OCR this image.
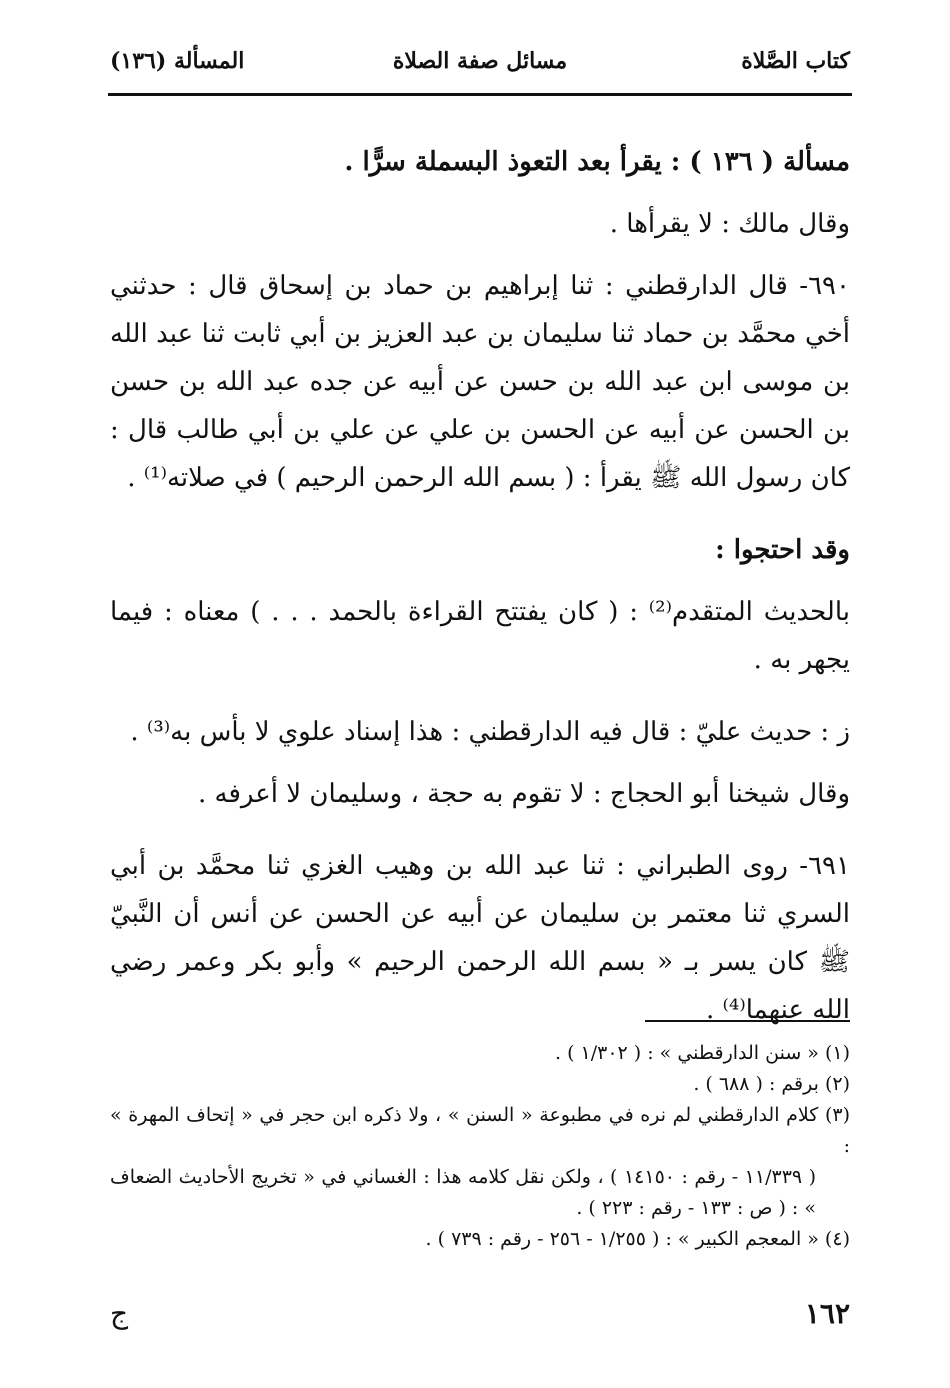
كتاب الصَّلاة
مسائل صفة الصلاة
المسألة (١٣٦)

مسألة ( ١٣٦ ) : يقرأ بعد التعوذ البسملة سرًّا .

وقال مالك : لا يقرأها .

٦٩٠- قال الدارقطني : ثنا إبراهيم بن حماد بن إسحاق قال : حدثني أخي محمَّد بن حماد ثنا سليمان بن عبد العزيز بن أبي ثابت ثنا عبد الله بن موسى ابن عبد الله بن حسن عن أبيه عن جده عبد الله بن حسن بن الحسن عن أبيه عن الحسن بن علي عن علي بن أبي طالب قال : كان رسول الله ﷺ يقرأ : ( بسم الله الرحمن الرحيم ) في صلاته⁽¹⁾ .

وقد احتجوا :

بالحديث المتقدم⁽²⁾ : ( كان يفتتح القراءة بالحمد . . . ) معناه : فيما يجهر به .

ز : حديث عليّ : قال فيه الدارقطني : هذا إسناد علوي لا بأس به⁽³⁾ .

وقال شيخنا أبو الحجاج : لا تقوم به حجة ، وسليمان لا أعرفه .

٦٩١- روى الطبراني : ثنا عبد الله بن وهيب الغزي ثنا محمَّد بن أبي السري ثنا معتمر بن سليمان عن أبيه عن الحسن عن أنس أن النَّبيّ ﷺ كان يسر بـ « بسم الله الرحمن الرحيم » وأبو بكر وعمر رضي الله عنهما⁽⁴⁾ .

(١) « سنن الدارقطني » : ( ١/٣٠٢ ) .

(٢) برقم : ( ٦٨٨ ) .

(٣) كلام الدارقطني لم نره في مطبوعة « السنن » ، ولا ذكره ابن حجر في « إتحاف المهرة » :

( ١١/٣٣٩ - رقم : ١٤١٥٠ ) ، ولكن نقل كلامه هذا : الغساني في « تخريج الأحاديث الضعاف » : ( ص : ١٣٣ - رقم : ٢٢٣ ) .

(٤) « المعجم الكبير » : ( ١/٢٥٥ - ٢٥٦ - رقم : ٧٣٩ ) .

١٦٢
ج
